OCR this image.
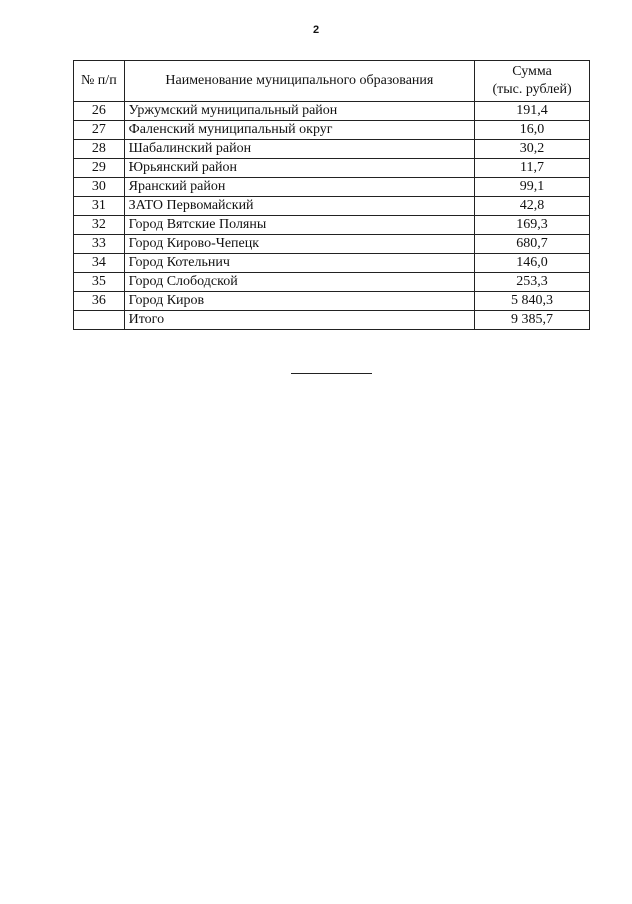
2
№ п/п	Наименование муниципального образования	Сумма
(тыс. рублей)

26	Уржумский муниципальный район	191,4
27	Фаленский муниципальный округ	16,0
28	Шабалинский район	30,2
29	Юрьянский район	11,7
30	Яранский район	99,1
31	ЗАТО Первомайский	42,8
32	Город Вятские Поляны	169,3
33	Город Кирово-Чепецк	680,7
34	Город Котельнич	146,0
35	Город Слободской	253,3
36	Город Киров	5 840,3
	Итого	9 385,7
